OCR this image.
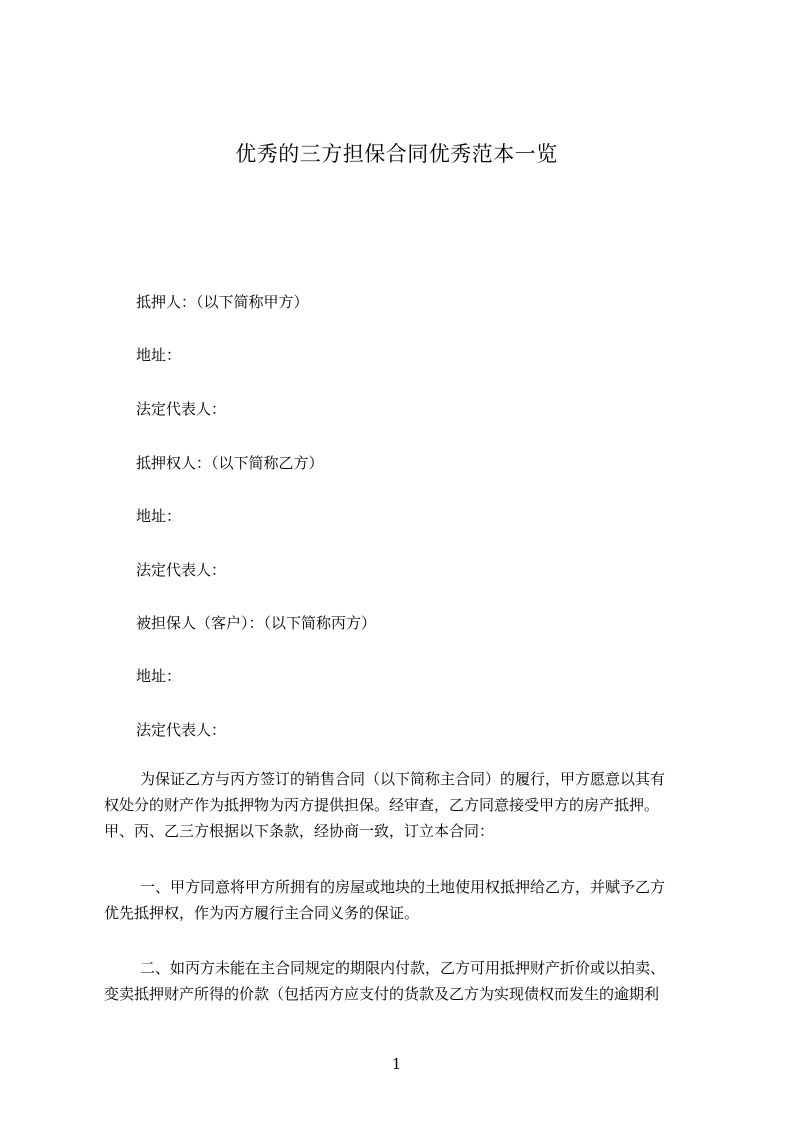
优秀的三方担保合同优秀范本一览
抵押人：（以下简称甲方）
地址：
法定代表人：
抵押权人：（以下简称乙方）
地址：
法定代表人：
被担保人（客户）：（以下简称丙方）
地址：
法定代表人：
为保证乙方与丙方签订的销售合同（以下简称主合同）的履行，甲方愿意以其有
权处分的财产作为抵押物为丙方提供担保。经审查，乙方同意接受甲方的房产抵押。
甲、丙、乙三方根据以下条款，经协商一致，订立本合同：
一、甲方同意将甲方所拥有的房屋或地块的土地使用权抵押给乙方，并赋予乙方
优先抵押权，作为丙方履行主合同义务的保证。
二、如丙方未能在主合同规定的期限内付款，乙方可用抵押财产折价或以拍卖、
变卖抵押财产所得的价款（包括丙方应支付的货款及乙方为实现债权而发生的逾期利
1
